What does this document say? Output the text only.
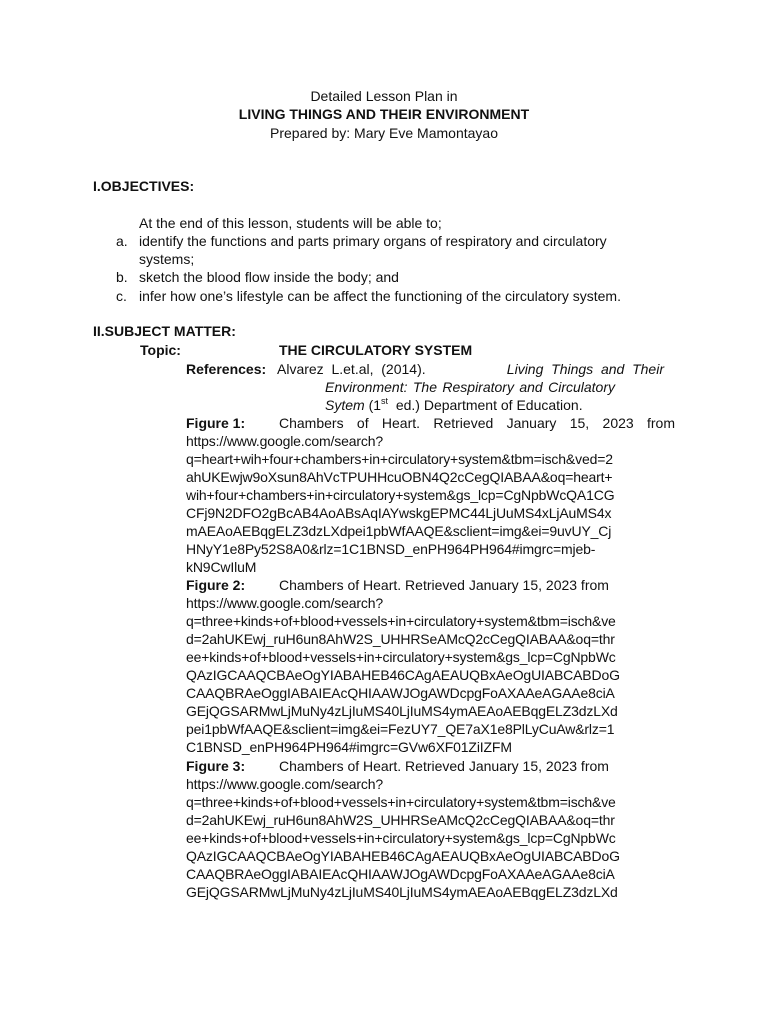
Detailed Lesson Plan in
LIVING THINGS AND THEIR ENVIRONMENT
Prepared by: Mary Eve Mamontayao
I.OBJECTIVES:
At the end of this lesson, students will be able to;
a. identify the functions and parts primary organs of respiratory and circulatory
systems;
b. sketch the blood flow inside the body; and
c. infer how one’s lifestyle can be affect the functioning of the circulatory system.
II.SUBJECT MATTER:
Topic:	THE CIRCULATORY SYSTEM
References: Alvarez  L.et.al,  (2014).	Living  Things  and  Their
Environment: The Respiratory and Circulatory
Sytem (1st  ed.) Department of Education.
Figure 1: Chambers of Heart. Retrieved January 15, 2023 from
https://www.google.com/search?
q=heart+wih+four+chambers+in+circulatory+system&tbm=isch&ved=2
ahUKEwjw9oXsun8AhVcTPUHHcuOBN4Q2cCegQIABAA&oq=heart+
wih+four+chambers+in+circulatory+system&gs_lcp=CgNpbWcQA1CG
CFj9N2DFO2gBcAB4AoABsAqIAYwskgEPMC44LjUuMS4xLjAuMS4x
mAEAoAEBqgELZ3dzLXdpei1pbWfAAQE&sclient=img&ei=9uvUY_Cj
HNyY1e8Py52S8A0&rlz=1C1BNSD_enPH964PH964#imgrc=mjeb-
kN9CwIluM
Figure 2: Chambers of Heart. Retrieved January 15, 2023 from
https://www.google.com/search?
q=three+kinds+of+blood+vessels+in+circulatory+system&tbm=isch&ve
d=2ahUKEwj_ruH6un8AhW2S_UHHRSeAMcQ2cCegQIABAA&oq=thr
ee+kinds+of+blood+vessels+in+circulatory+system&gs_lcp=CgNpbWc
QAzIGCAAQCBAeOgYIABAHEB46CAgAEAUQBxAeOgUIABCABDoG
CAAQBRAeOggIABAIEAcQHIAAWJOgAWDcpgFoAXAAeAGAAe8ciA
GEjQGSARMwLjMuNy4zLjIuMS40LjIuMS4ymAEAoAEBqgELZ3dzLXd
pei1pbWfAAQE&sclient=img&ei=FezUY7_QE7aX1e8PlLyCuAw&rlz=1
C1BNSD_enPH964PH964#imgrc=GVw6XF01ZiIZFM
Figure 3: Chambers of Heart. Retrieved January 15, 2023 from
https://www.google.com/search?
q=three+kinds+of+blood+vessels+in+circulatory+system&tbm=isch&ve
d=2ahUKEwj_ruH6un8AhW2S_UHHRSeAMcQ2cCegQIABAA&oq=thr
ee+kinds+of+blood+vessels+in+circulatory+system&gs_lcp=CgNpbWc
QAzIGCAAQCBAeOgYIABAHEB46CAgAEAUQBxAeOgUIABCABDoG
CAAQBRAeOggIABAIEAcQHIAAWJOgAWDcpgFoAXAAeAGAAe8ciA
GEjQGSARMwLjMuNy4zLjIuMS40LjIuMS4ymAEAoAEBqgELZ3dzLXd
